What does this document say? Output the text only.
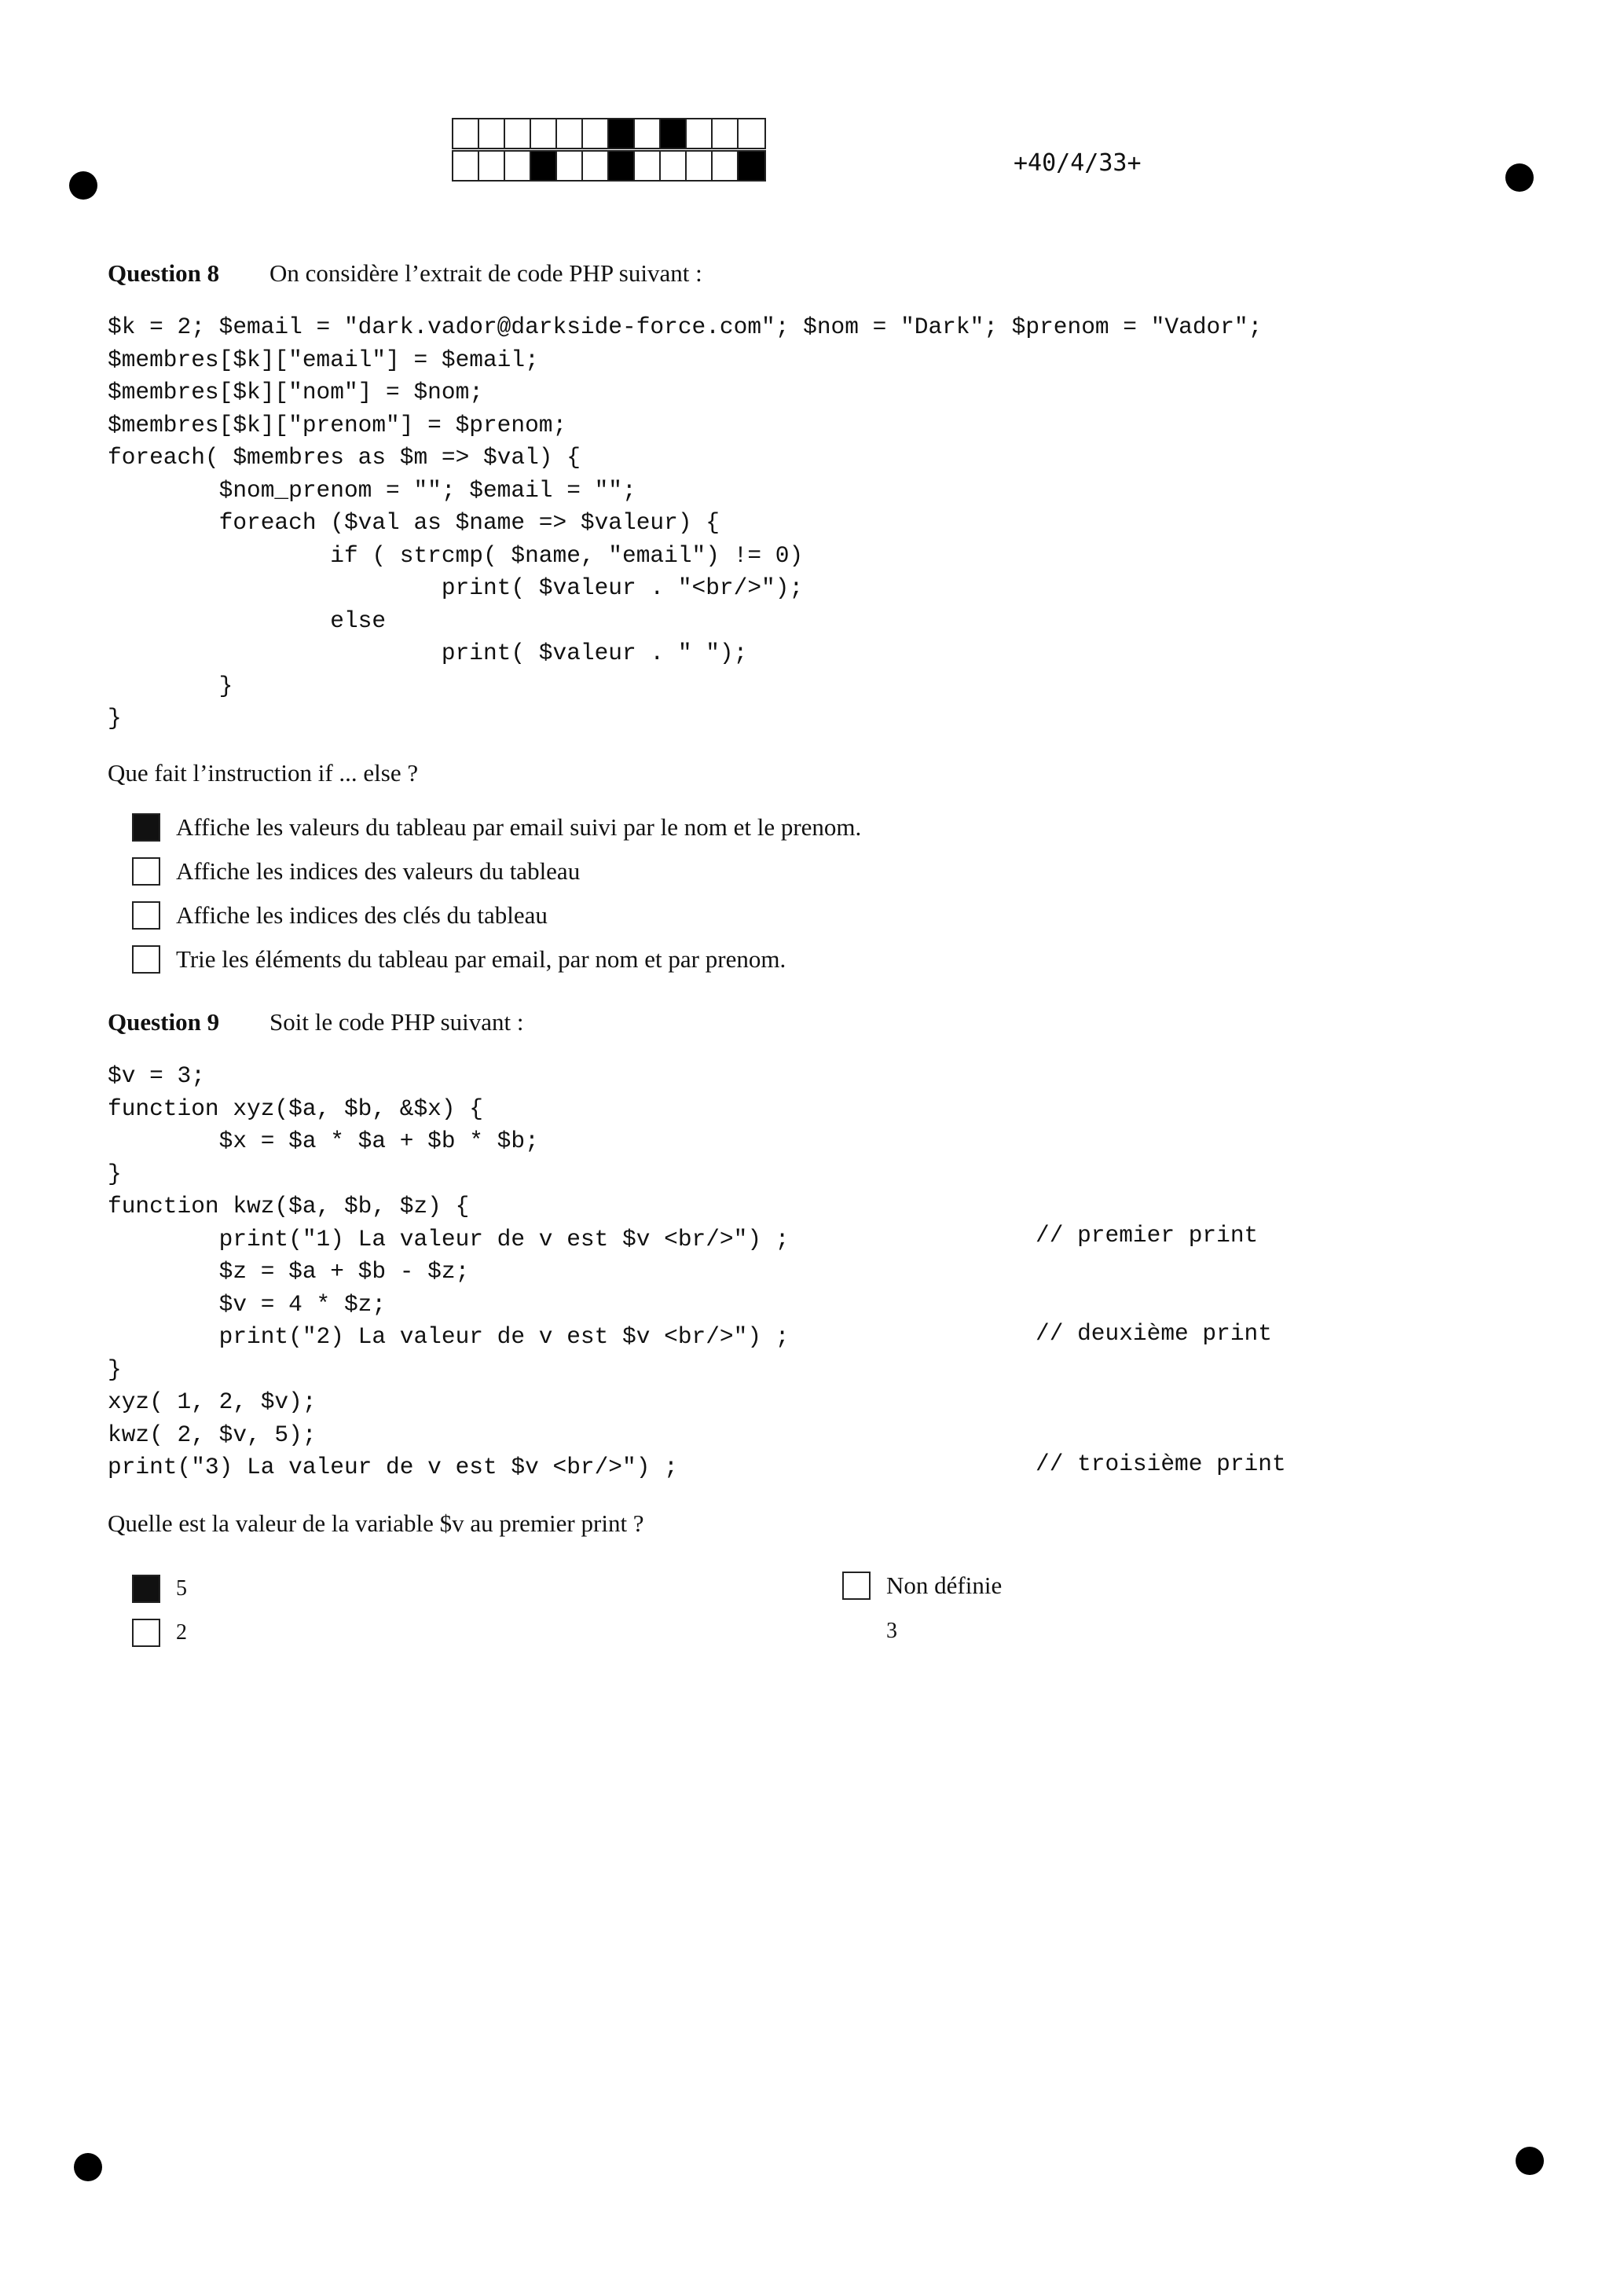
+40/4/33+
Question 8 On considère l’extrait de code PHP suivant :
$k = 2; $email = "dark.vador@darkside-force.com"; $nom = "Dark"; $prenom = "Vador";
$membres[$k]["email"] = $email;
$membres[$k]["nom"] = $nom;
$membres[$k]["prenom"] = $prenom;
foreach( $membres as $m => $val) {
$nom_prenom = ""; $email = "";
foreach ($val as $name => $valeur) {
if ( strcmp( $name, "email") != 0)
print( $valeur . "<br/>");
else
print( $valeur . " ");
}
}
Que fait l’instruction if ... else ?
Affiche les valeurs du tableau par email suivi par le nom et le prenom.
Affiche les indices des valeurs du tableau
Affiche les indices des clés du tableau
Trie les éléments du tableau par email, par nom et par prenom.
Question 9 Soit le code PHP suivant :
$v = 3;
function xyz($a, $b, &$x) {
$x = $a * $a + $b * $b;
}
function kwz($a, $b, $z) {
print("1) La valeur de v est $v <br/>") ;
$z = $a + $b - $z;
$v = 4 * $z;
print("2) La valeur de v est $v <br/>") ;
}
xyz( 1, 2, $v);
kwz( 2, $v, 5);
print("3) La valeur de v est $v <br/>") ;
// premier print
// deuxième print
// troisième print
Quelle est la valeur de la variable $v au premier print ?
5
2
Non définie
3
